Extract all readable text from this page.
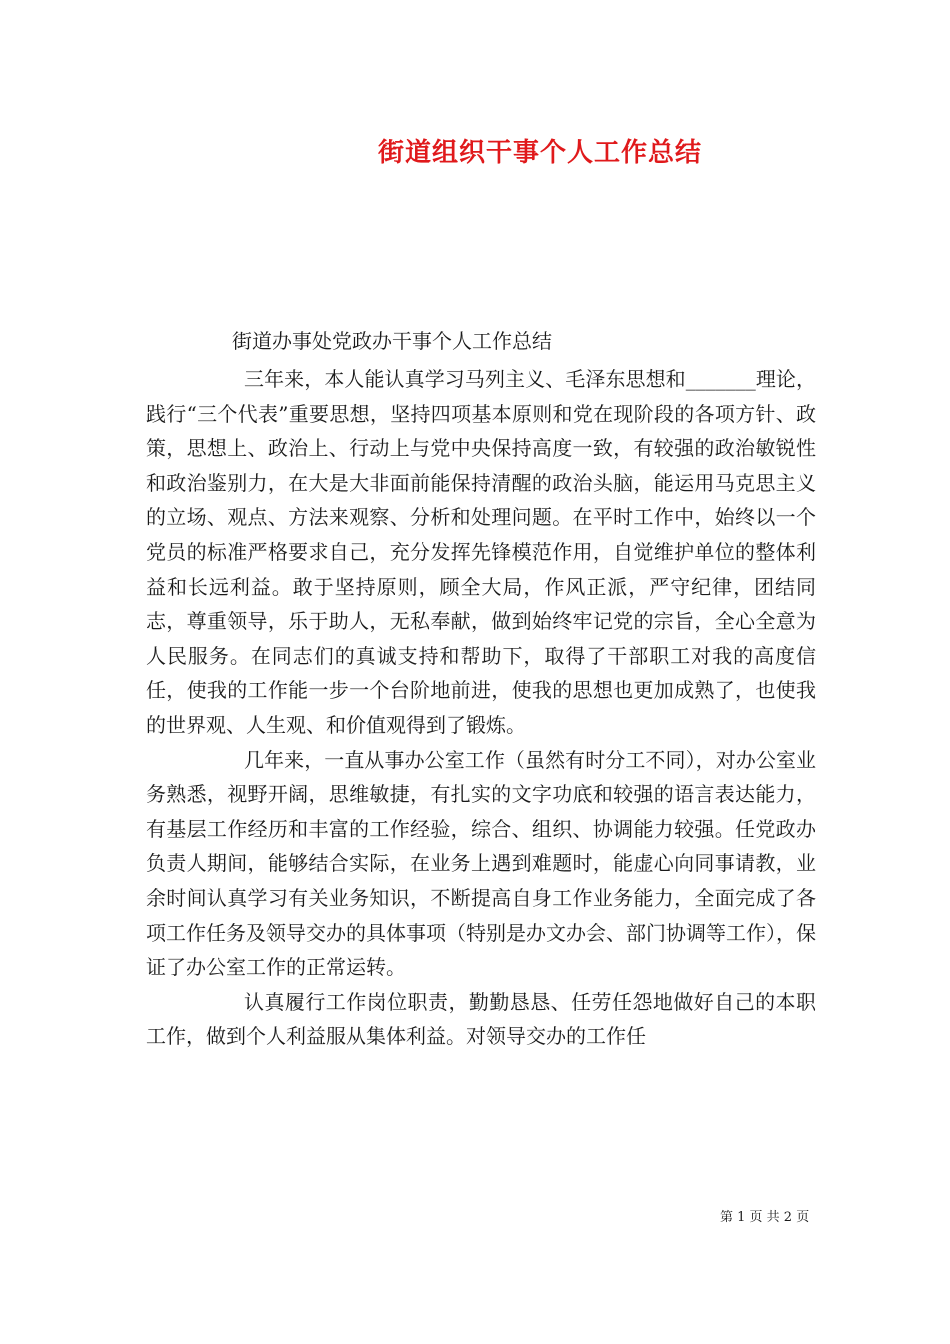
街道组织干事个人工作总结

街道办事处党政办干事个人工作总结

三年来，本人能认真学习马列主义、毛泽东思想和_______理论，践行“三个代表”重要思想，坚持四项基本原则和党在现阶段的各项方针、政策，思想上、政治上、行动上与党中央保持高度一致，有较强的政治敏锐性和政治鉴别力，在大是大非面前能保持清醒的政治头脑，能运用马克思主义的立场、观点、方法来观察、分析和处理问题。在平时工作中，始终以一个党员的标准严格要求自己，充分发挥先锋模范作用，自觉维护单位的整体利益和长远利益。敢于坚持原则，顾全大局，作风正派，严守纪律，团结同志，尊重领导，乐于助人，无私奉献，做到始终牢记党的宗旨，全心全意为人民服务。在同志们的真诚支持和帮助下，取得了干部职工对我的高度信任，使我的工作能一步一个台阶地前进，使我的思想也更加成熟了，也使我的世界观、人生观、和价值观得到了锻炼。

几年来，一直从事办公室工作（虽然有时分工不同），对办公室业务熟悉，视野开阔，思维敏捷，有扎实的文字功底和较强的语言表达能力，有基层工作经历和丰富的工作经验，综合、组织、协调能力较强。任党政办负责人期间，能够结合实际，在业务上遇到难题时，能虚心向同事请教，业余时间认真学习有关业务知识，不断提高自身工作业务能力，全面完成了各项工作任务及领导交办的具体事项（特别是办文办会、部门协调等工作），保证了办公室工作的正常运转。

认真履行工作岗位职责，勤勤恳恳、任劳任怨地做好自己的本职工作，做到个人利益服从集体利益。对领导交办的工作任

第 1 页 共 2 页
